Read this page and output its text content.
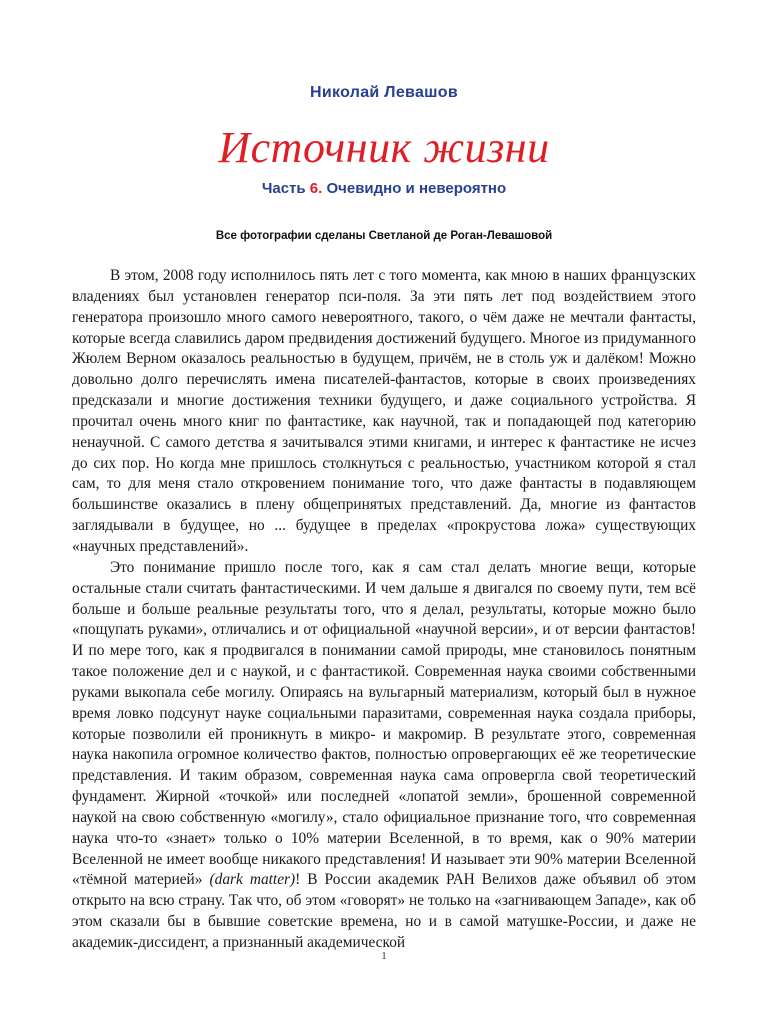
Николай Левашов
Источник жизни
Часть 6. Очевидно и невероятно
Все фотографии сделаны Светланой де Роган-Левашовой

В этом, 2008 году исполнилось пять лет с того момента, как мною в наших французских владениях был установлен генератор пси-поля. За эти пять лет под воздействием этого генератора произошло много самого невероятного, такого, о чём даже не мечтали фантасты, которые всегда славились даром предвидения достижений будущего. Многое из придуманного Жюлем Верном оказалось реальностью в будущем, причём, не в столь уж и далёком! Можно довольно долго перечислять имена писателей-фантастов, которые в своих произведениях предсказали и многие достижения техники будущего, и даже социального устройства. Я прочитал очень много книг по фантастике, как научной, так и попадающей под категорию ненаучной. С самого детства я зачитывался этими книгами, и интерес к фантастике не исчез до сих пор. Но когда мне пришлось столкнуться с реальностью, участником которой я стал сам, то для меня стало откровением понимание того, что даже фантасты в подавляющем большинстве оказались в плену общепринятых представлений. Да, многие из фантастов заглядывали в будущее, но ... будущее в пределах «прокрустова ложа» существующих «научных представлений».

Это понимание пришло после того, как я сам стал делать многие вещи, которые остальные стали считать фантастическими. И чем дальше я двигался по своему пути, тем всё больше и больше реальные результаты того, что я делал, результаты, которые можно было «пощупать руками», отличались и от официальной «научной версии», и от версии фантастов! И по мере того, как я продвигался в понимании самой природы, мне становилось понятным такое положение дел и с наукой, и с фантастикой. Современная наука своими собственными руками выкопала себе могилу. Опираясь на вульгарный материализм, который был в нужное время ловко подсунут науке социальными паразитами, современная наука создала приборы, которые позволили ей проникнуть в микро- и макромир. В результате этого, современная наука накопила огромное количество фактов, полностью опровергающих её же теоретические представления. И таким образом, современная наука сама опровергла свой теоретический фундамент. Жирной «точкой» или последней «лопатой земли», брошенной современной наукой на свою собственную «могилу», стало официальное признание того, что современная наука что-то «знает» только о 10% материи Вселенной, в то время, как о 90% материи Вселенной не имеет вообще никакого представления! И называет эти 90% материи Вселенной «тёмной материей» (dark matter)! В России академик РАН Велихов даже объявил об этом открыто на всю страну. Так что, об этом «говорят» не только на «загнивающем Западе», как об этом сказали бы в бывшие советские времена, но и в самой матушке-России, и даже не академик-диссидент, а признанный академической

1
